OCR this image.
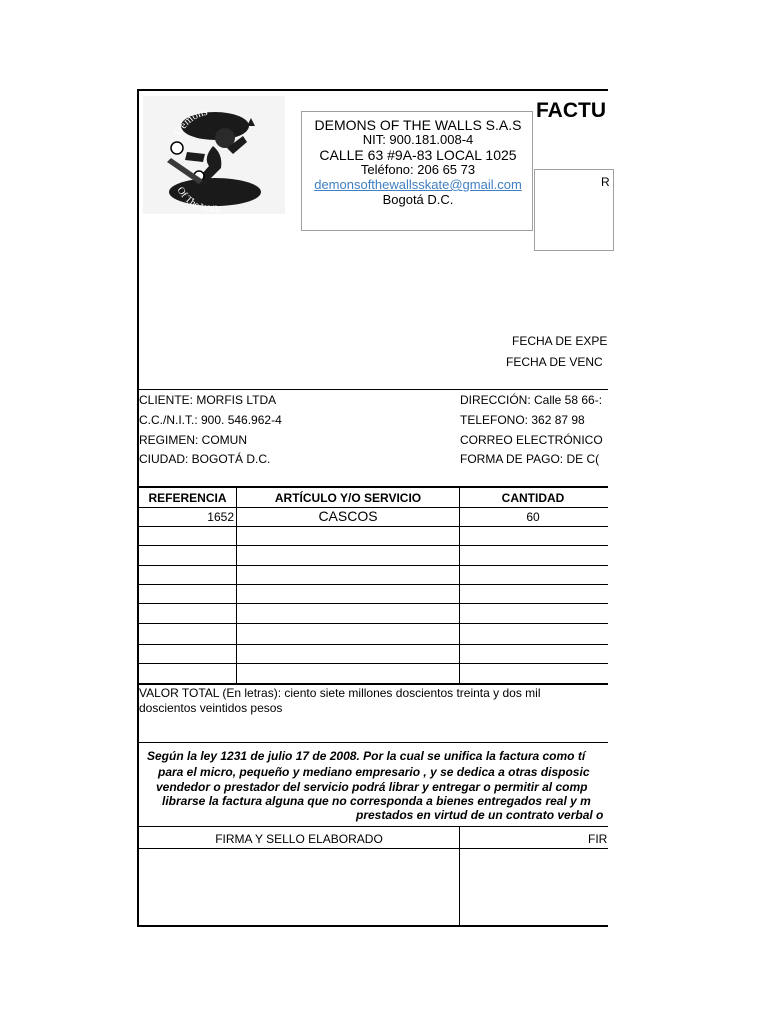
Demons
Of The Walls
DEMONS OF THE WALLS S.A.S
NIT: 900.181.008-4
CALLE 63 #9A-83 LOCAL 1025
Teléfono: 206 65 73
demonsofthewallsskate@gmail.com
Bogotá D.C.
FACTU
R
FECHA DE EXPE
FECHA DE VENC
CLIENTE: MORFIS LTDA
C.C./N.I.T.: 900. 546.962-4
REGIMEN: COMUN
CIUDAD: BOGOTÁ D.C.
DIRECCIÓN: Calle 58 66-:
TELEFONO: 362 87 98
CORREO ELECTRÓNICO
FORMA DE PAGO: DE C(
REFERENCIA	ARTÍCULO Y/O SERVICIO	CANTIDAD
1652	CASCOS	60
VALOR TOTAL (En letras): ciento siete millones doscientos treinta y dos mil
doscientos veintidos pesos
Según la ley 1231 de julio 17 de 2008. Por la cual se unifica la factura como tí
para el micro, pequeño y mediano empresario , y se dedica a otras disposic
vendedor o prestador del servicio podrá librar y entregar o permitir al comp
librarse la factura alguna que no corresponda a bienes entregados real y m
prestados en virtud de un contrato verbal o
FIRMA Y SELLO ELABORADO	FIR
